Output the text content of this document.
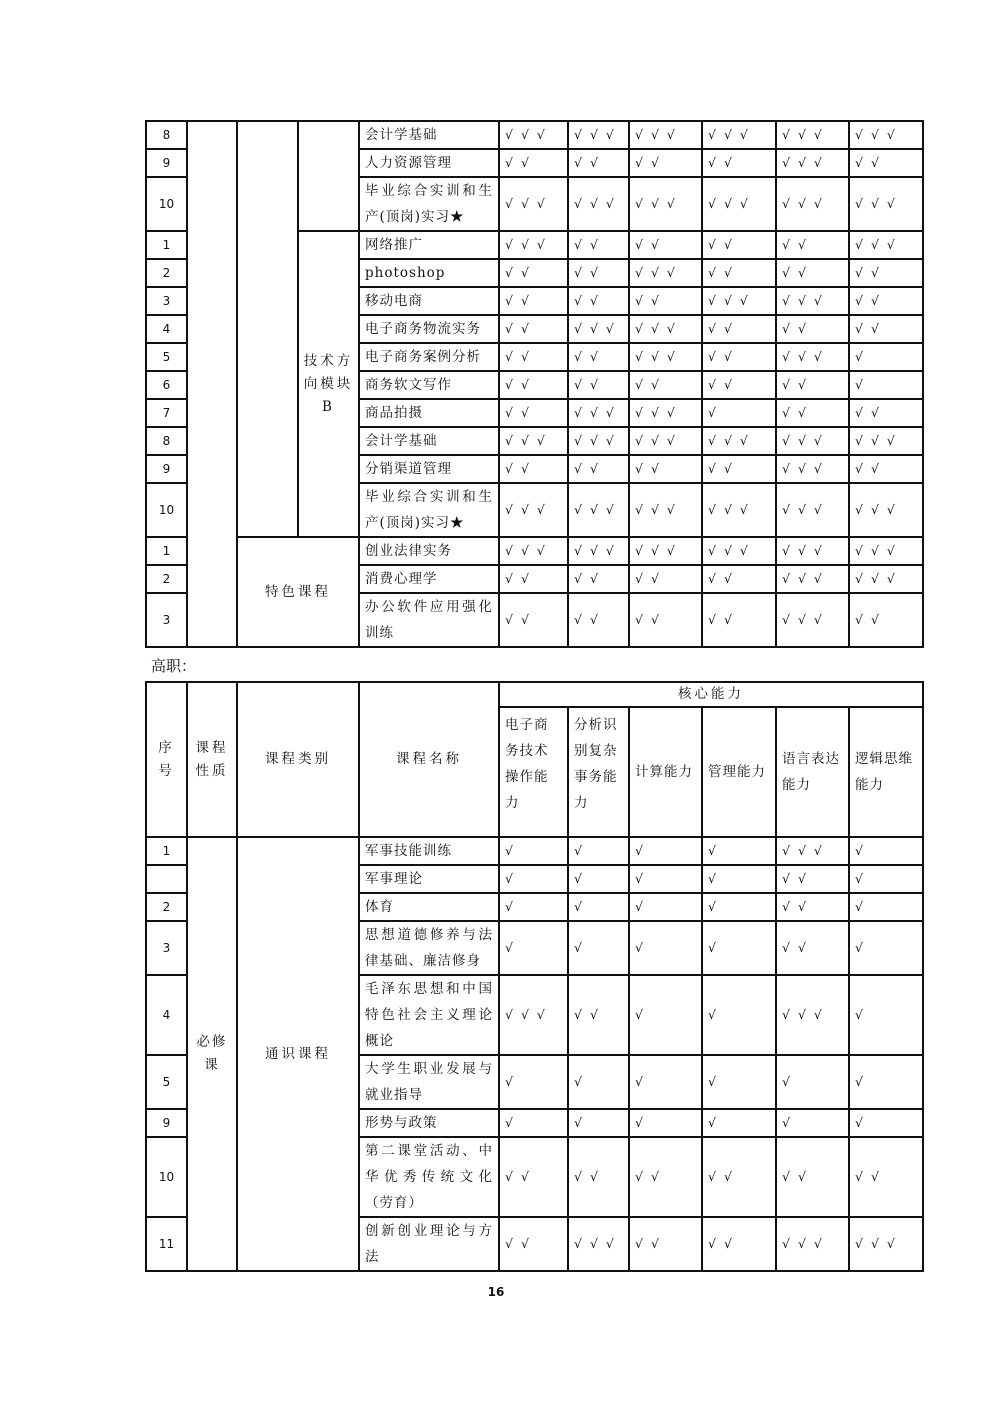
8				会计学基础	√ √ √	√ √ √	√ √ √	√ √ √	√ √ √	√ √ √
9				人力资源管理	√ √	√ √	√ √	√ √	√ √ √	√ √
10				毕业综合实训和生产(顶岗)实习★	√ √ √	√ √ √	√ √ √	√ √ √	√ √ √	√ √ √
1			技术方向模块B	网络推广	√ √ √	√ √	√ √	√ √	√ √	√ √ √
2				photoshop	√ √	√ √	√ √ √	√ √	√ √	√ √
3				移动电商	√ √	√ √	√ √	√ √ √	√ √ √	√ √
4				电子商务物流实务	√ √	√ √ √	√ √ √	√ √	√ √	√ √
5				电子商务案例分析	√ √	√ √	√ √ √	√ √	√ √ √	√
6				商务软文写作	√ √	√ √	√ √	√ √	√ √	√
7				商品拍摄	√ √	√ √ √	√ √ √	√	√ √	√ √
8				会计学基础	√ √ √	√ √ √	√ √ √	√ √ √	√ √ √	√ √ √
9				分销渠道管理	√ √	√ √	√ √	√ √	√ √ √	√ √
10				毕业综合实训和生产(顶岗)实习★	√ √ √	√ √ √	√ √ √	√ √ √	√ √ √	√ √ √
1		特色课程		创业法律实务	√ √ √	√ √ √	√ √ √	√ √ √	√ √ √	√ √ √
2				消费心理学	√ √	√ √	√ √	√ √	√ √ √	√ √ √
3				办公软件应用强化训练	√ √	√ √	√ √	√ √	√ √ √	√ √
高职：
序号	课程性质	课程类别	课程名称	核心能力					
				电子商务技术操作能力	分析识别复杂事务能力	计算能力	管理能力	语言表达能力	逻辑思维能力
1	必修课	通识课程	军事技能训练	√	√	√	√	√ √ √	√
			军事理论	√	√	√	√	√ √	√
2			体育	√	√	√	√	√ √	√
3			思想道德修养与法律基础、廉洁修身	√	√	√	√	√ √	√
4			毛泽东思想和中国特色社会主义理论概论	√ √ √	√ √	√	√	√ √ √	√
5			大学生职业发展与就业指导	√	√	√	√	√	√
9			形势与政策	√	√	√	√	√	√
10			第二课堂活动、中华优秀传统文化（劳育）	√ √	√ √	√ √	√ √	√ √	√ √
11			创新创业理论与方法	√ √	√ √ √	√ √	√ √	√ √ √	√ √ √
16
